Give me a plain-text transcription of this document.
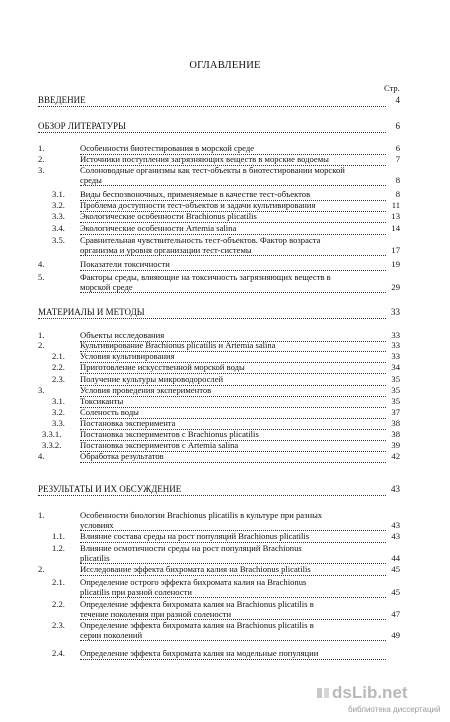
ОГЛАВЛЕНИЕ
Стр.
ВВЕДЕНИЕ	4
ОБЗОР ЛИТЕРАТУРЫ	6
1.	Особенности биотестирования в морской среде	6
2.	Источники поступления загрязняющих веществ в морские водоемы	7
3.	Солоноводные организмы как тест-объекты в биотестировании морской
среды	8
3.1. Виды беспозвоночных, применяемые в качестве тест-объектов	8
3.2. Проблема доступности тест-объектов и задачи культивирования	11
3.3. Экологические особенности Brachionus plicatilis	13
3.4. Экологические особенности Artemia salina	14
3.5. Сравнительная чувствительность тест-объектов. Фактор возраста
организма и уровня организации тест-системы	17
4.	Показатели токсичности	19
5.	Факторы среды, влияющие на токсичность загрязняющих веществ в
морской среде	29
МАТЕРИАЛЫ И МЕТОДЫ	33
1.	Объекты исследования	33
2.	Культивирование Brachionus plicatilis и Artemia salina	33
2.1. Условия культивирования	33
2.2. Приготовление искусственной морской воды	34
2.3. Получение культуры микроводорослей	35
3.	Условия проведения экспериментов	35
3.1. Токсиканты	35
3.2. Соленость воды	37
3.3. Постановка эксперимента	38
3.3.1. Постановка экспериментов с Brachionus plicatilis	38
3.3.2. Постановка экспериментов с Artemia salina	39
4.	Обработка результатов	42
РЕЗУЛЬТАТЫ И ИХ ОБСУЖДЕНИЕ	43
1.	Особенности биологии Brachionus plicatilis в культуре при разных
условиях	43
1.1. Влияние состава среды на рост популяций Brachionus plicatilis	43
1.2. Влияние осмотичности среды на рост популяций Brachionus
plicatilis	44
2.	Исследование эффекта бихромата калия на Brachionus plicatilis	45
2.1. Определение острого эффекта бихромата калия на Brachionus
plicatilis при разной солености	45
2.2. Определение эффекта бихромата калия на Brachionus plicatilis в
течение поколения при разной солености	47
2.3. Определение эффекта бихромата калия на Brachionus plicatilis в
серии поколений	49
2.4. Определение эффекта бихромата калия на модельные популяции
dsLib.net
библиотека диссертаций
